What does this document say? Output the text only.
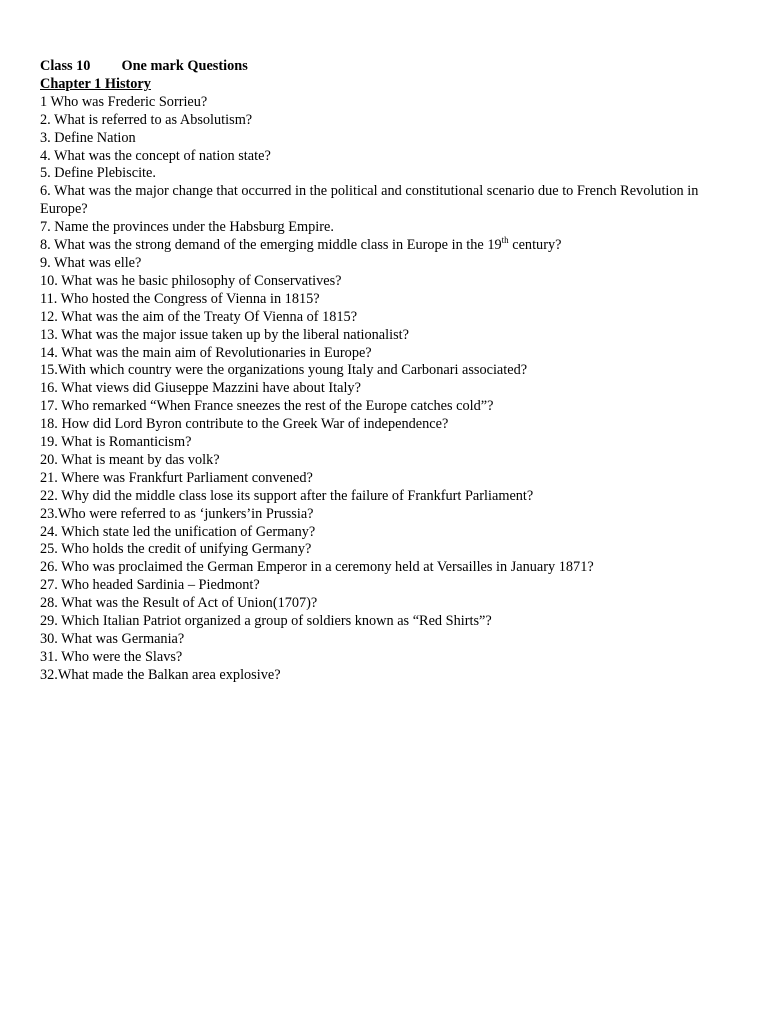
Class 10 One mark Questions
Chapter 1 History
1 Who was Frederic Sorrieu?
2. What is referred to as Absolutism?
3. Define Nation
4. What was the concept of nation state?
5. Define Plebiscite.
6. What was the major change that occurred in the political and constitutional scenario due to French Revolution in Europe?
7. Name the provinces under the Habsburg Empire.
8. What was the strong demand of the emerging middle class in Europe in the 19th century?
9. What was elle?
10. What was he basic philosophy of Conservatives?
11. Who hosted the Congress of Vienna in 1815?
12. What was the aim of the Treaty Of Vienna of 1815?
13. What was the major issue taken up by the liberal nationalist?
14. What was the main aim of Revolutionaries in Europe?
15.With which country were the organizations young Italy and Carbonari associated?
16. What views did Giuseppe Mazzini have about Italy?
17. Who remarked “When France sneezes the rest of the Europe catches cold”?
18. How did Lord Byron contribute to the Greek War of independence?
19. What is Romanticism?
20. What is meant by das volk?
21. Where was Frankfurt Parliament convened?
22. Why did the middle class lose its support after the failure of Frankfurt Parliament?
23.Who were referred to as ‘junkers’in Prussia?
24. Which state led the unification of Germany?
25. Who holds the credit of unifying Germany?
26. Who was proclaimed the German Emperor in a ceremony held at Versailles in January 1871?
27. Who headed Sardinia – Piedmont?
28. What was the Result of Act of Union(1707)?
29. Which Italian Patriot organized a group of soldiers known as “Red Shirts”?
30. What was Germania?
31. Who were the Slavs?
32.What made the Balkan area explosive?
